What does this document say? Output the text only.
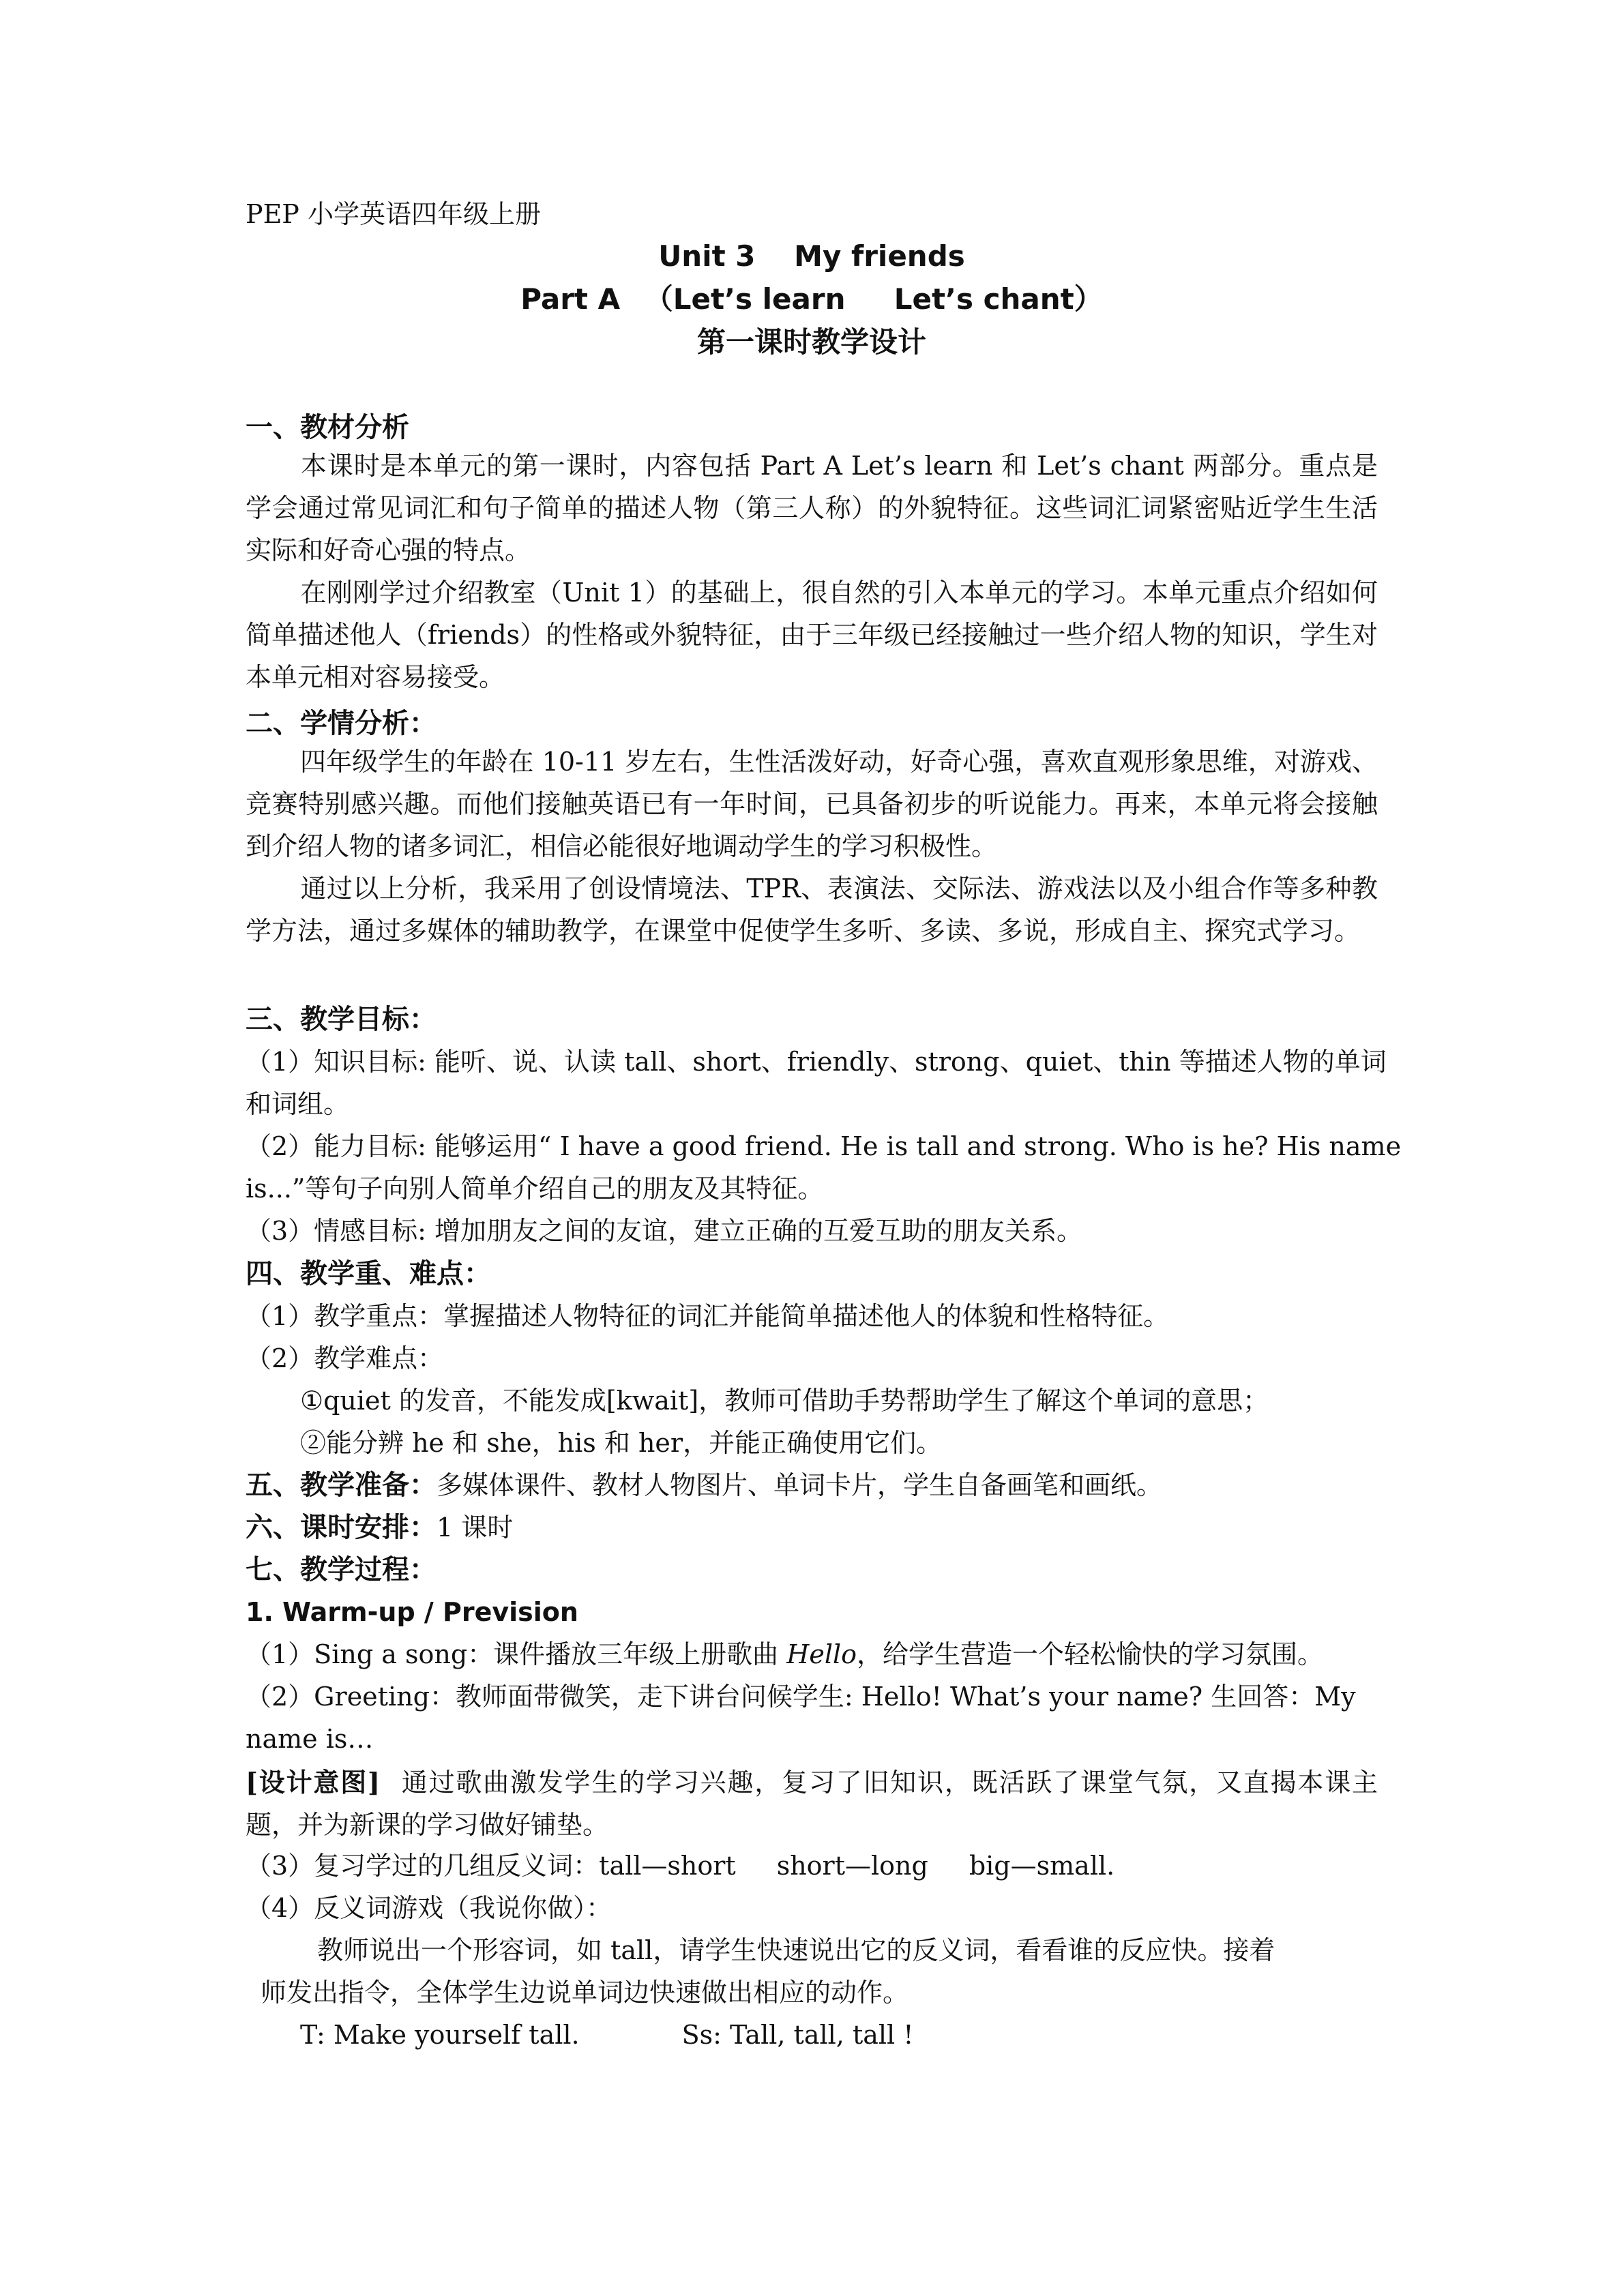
PEP 小学英语四年级上册
Unit 3　 My friends
Part A 　（Let’s learn 　 Let’s chant）
第一课时教学设计
一、教材分析
本课时是本单元的第一课时，内容包括 Part A Let’s learn 和 Let’s chant 两部分。重点是学会通过常见词汇和句子简单的描述人物（第三人称）的外貌特征。这些词汇词紧密贴近学生生活实际和好奇心强的特点。
在刚刚学过介绍教室（Unit 1）的基础上，很自然的引入本单元的学习。本单元重点介绍如何简单描述他人（friends）的性格或外貌特征，由于三年级已经接触过一些介绍人物的知识，学生对本单元相对容易接受。
二、学情分析：
四年级学生的年龄在 10-11 岁左右，生性活泼好动，好奇心强，喜欢直观形象思维，对游戏、竞赛特别感兴趣。而他们接触英语已有一年时间，已具备初步的听说能力。再来，本单元将会接触到介绍人物的诸多词汇，相信必能很好地调动学生的学习积极性。
通过以上分析，我采用了创设情境法、TPR、表演法、交际法、游戏法以及小组合作等多种教学方法，通过多媒体的辅助教学，在课堂中促使学生多听、多读、多说，形成自主、探究式学习。
三、教学目标：
（1）知识目标: 能听、说、认读 tall、short、friendly、strong、quiet、thin 等描述人物的单词
和词组。
（2）能力目标: 能够运用“ I have a good friend. He is tall and strong. Who is he? His name
is...”等句子向别人简单介绍自己的朋友及其特征。
（3）情感目标: 增加朋友之间的友谊，建立正确的互爱互助的朋友关系。
四、教学重、难点：
（1）教学重点：掌握描述人物特征的词汇并能简单描述他人的体貌和性格特征。
（2）教学难点：
①quiet 的发音，不能发成[kwait]，教师可借助手势帮助学生了解这个单词的意思；
②能分辨 he 和 she，his 和 her，并能正确使用它们。
五、教学准备：多媒体课件、教材人物图片、单词卡片，学生自备画笔和画纸。
六、课时安排：1 课时
七、教学过程：
1. Warm-up / Prevision
（1）Sing a song：课件播放三年级上册歌曲 Hello，给学生营造一个轻松愉快的学习氛围。
（2）Greeting：教师面带微笑，走下讲台问候学生: Hello! What’s your name? 生回答：My
name is…
[设计意图] 通过歌曲激发学生的学习兴趣，复习了旧知识，既活跃了课堂气氛，又直揭本课主题，并为新课的学习做好铺垫。
（3）复习学过的几组反义词：tall—short short—long big—small.
（4）反义词游戏（我说你做）：
教师说出一个形容词，如 tall，请学生快速说出它的反义词，看看谁的反应快。接着
师发出指令，全体学生边说单词边快速做出相应的动作。
T: Make yourself tall.	Ss: Tall, tall, tall !
